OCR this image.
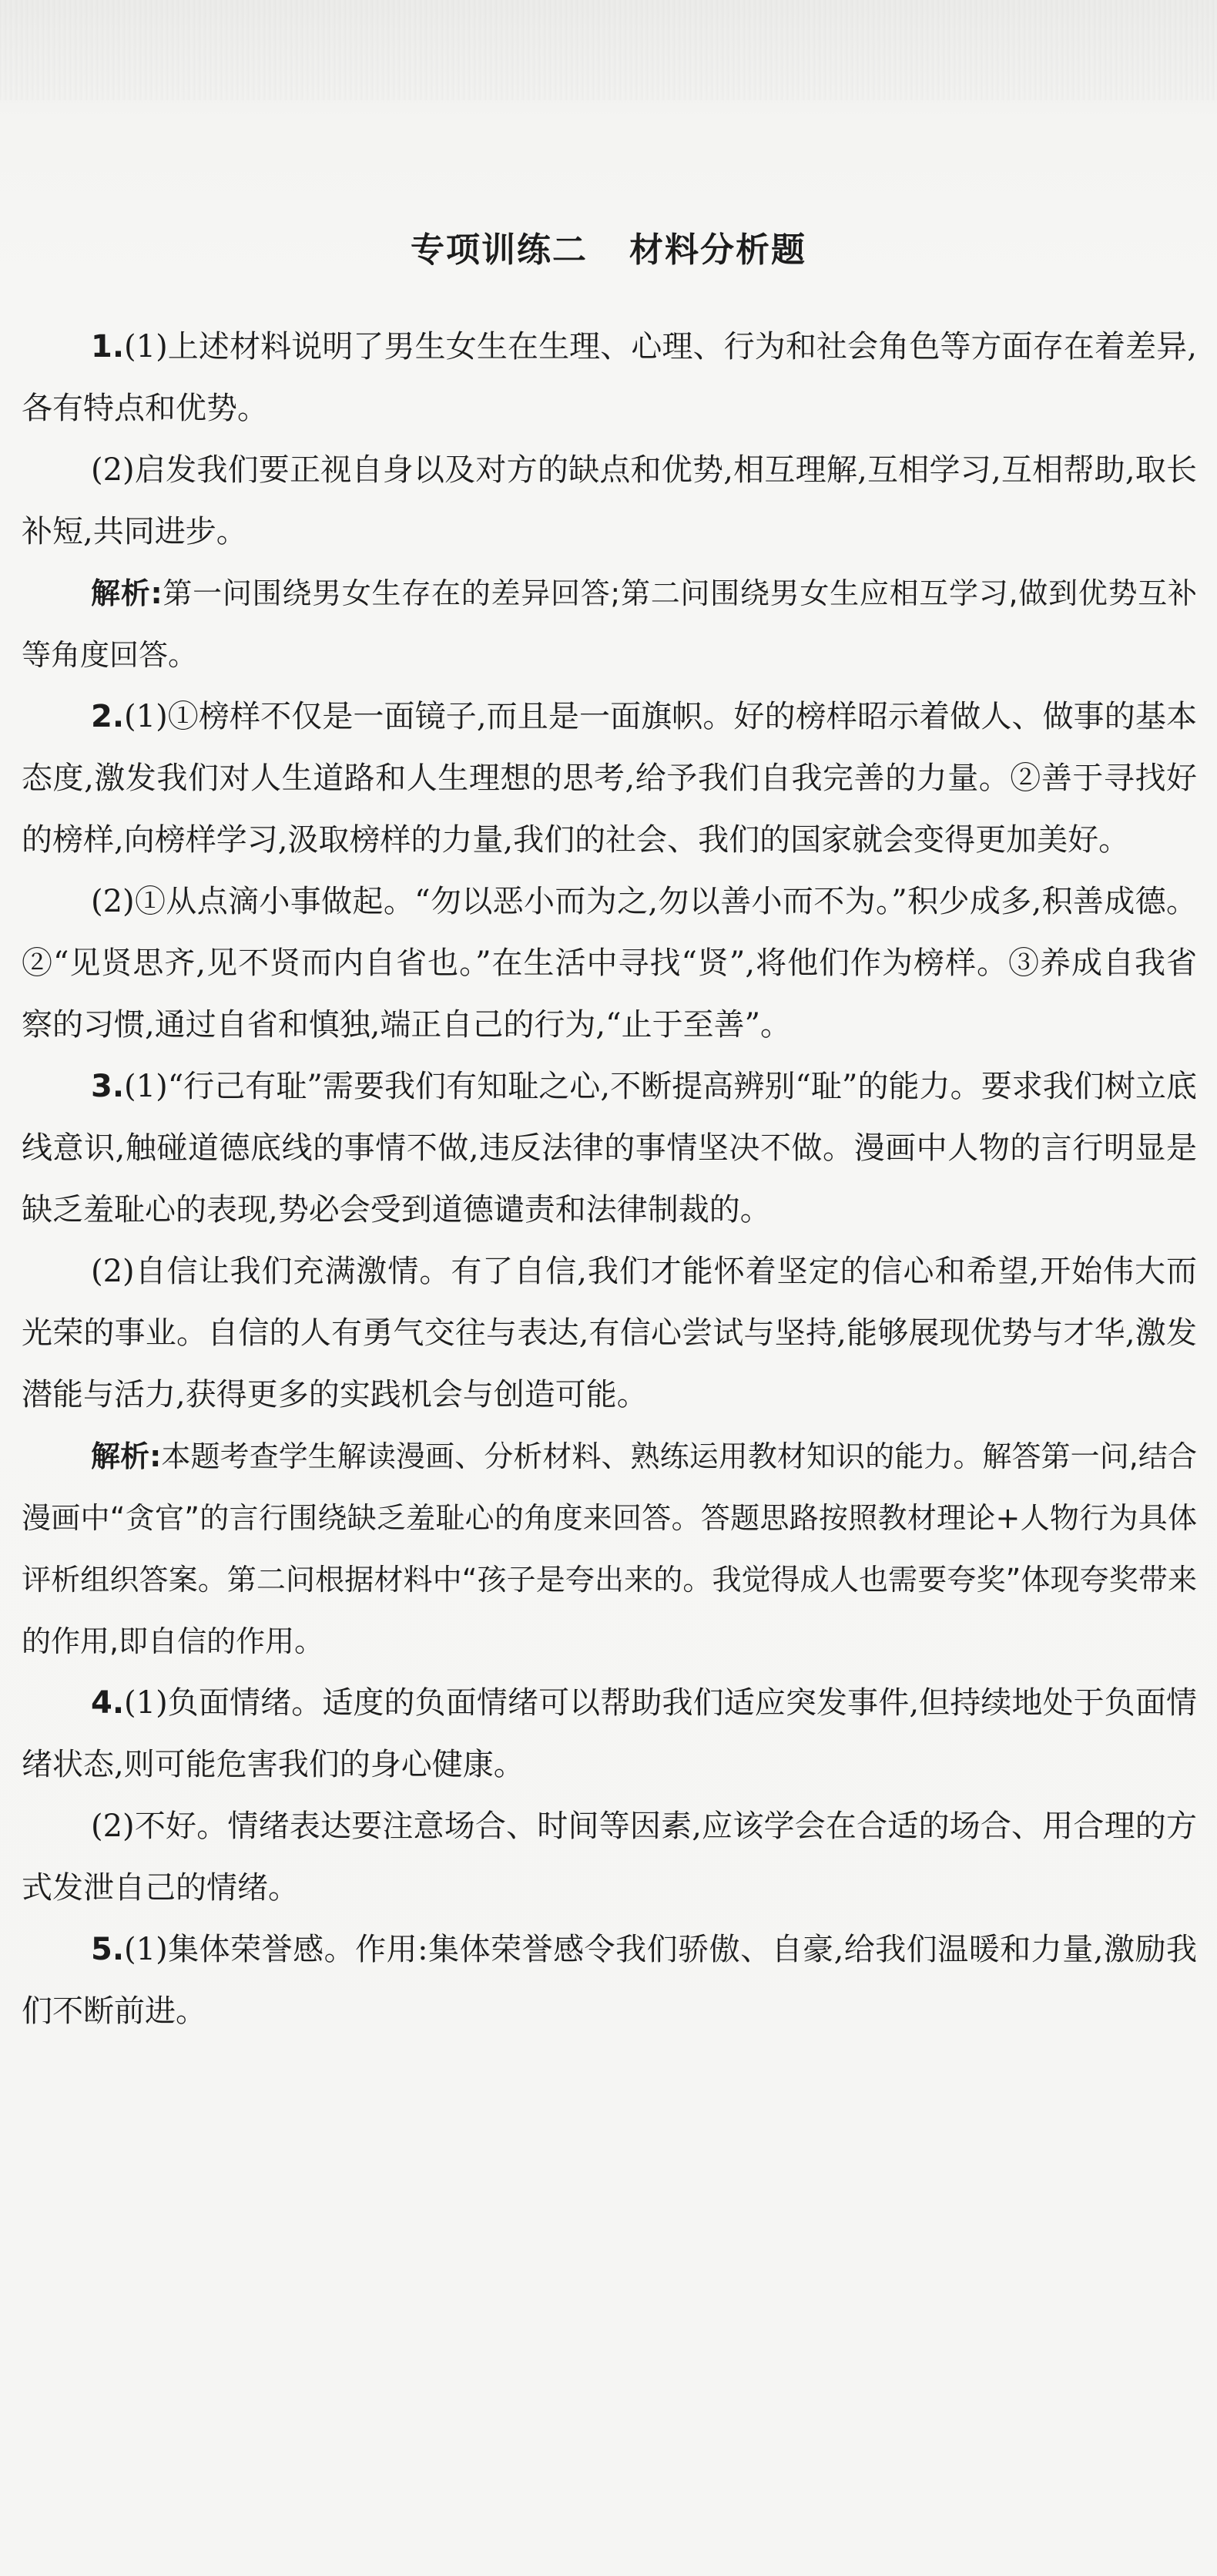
专项训练二 材料分析题

1.(1)上述材料说明了男生女生在生理、心理、行为和社会角色等方面存在着差异,各有特点和优势。

(2)启发我们要正视自身以及对方的缺点和优势,相互理解,互相学习,互相帮助,取长补短,共同进步。

解析:第一问围绕男女生存在的差异回答;第二问围绕男女生应相互学习,做到优势互补等角度回答。

2.(1)①榜样不仅是一面镜子,而且是一面旗帜。好的榜样昭示着做人、做事的基本态度,激发我们对人生道路和人生理想的思考,给予我们自我完善的力量。②善于寻找好的榜样,向榜样学习,汲取榜样的力量,我们的社会、我们的国家就会变得更加美好。

(2)①从点滴小事做起。“勿以恶小而为之,勿以善小而不为。”积少成多,积善成德。②“见贤思齐,见不贤而内自省也。”在生活中寻找“贤”,将他们作为榜样。③养成自我省察的习惯,通过自省和慎独,端正自己的行为,“止于至善”。

3.(1)“行己有耻”需要我们有知耻之心,不断提高辨别“耻”的能力。要求我们树立底线意识,触碰道德底线的事情不做,违反法律的事情坚决不做。漫画中人物的言行明显是缺乏羞耻心的表现,势必会受到道德谴责和法律制裁的。

(2)自信让我们充满激情。有了自信,我们才能怀着坚定的信心和希望,开始伟大而光荣的事业。自信的人有勇气交往与表达,有信心尝试与坚持,能够展现优势与才华,激发潜能与活力,获得更多的实践机会与创造可能。

解析:本题考查学生解读漫画、分析材料、熟练运用教材知识的能力。解答第一问,结合漫画中“贪官”的言行围绕缺乏羞耻心的角度来回答。答题思路按照教材理论+人物行为具体评析组织答案。第二问根据材料中“孩子是夸出来的。我觉得成人也需要夸奖”体现夸奖带来的作用,即自信的作用。

4.(1)负面情绪。适度的负面情绪可以帮助我们适应突发事件,但持续地处于负面情绪状态,则可能危害我们的身心健康。

(2)不好。情绪表达要注意场合、时间等因素,应该学会在合适的场合、用合理的方式发泄自己的情绪。

5.(1)集体荣誉感。作用:集体荣誉感令我们骄傲、自豪,给我们温暖和力量,激励我们不断前进。
